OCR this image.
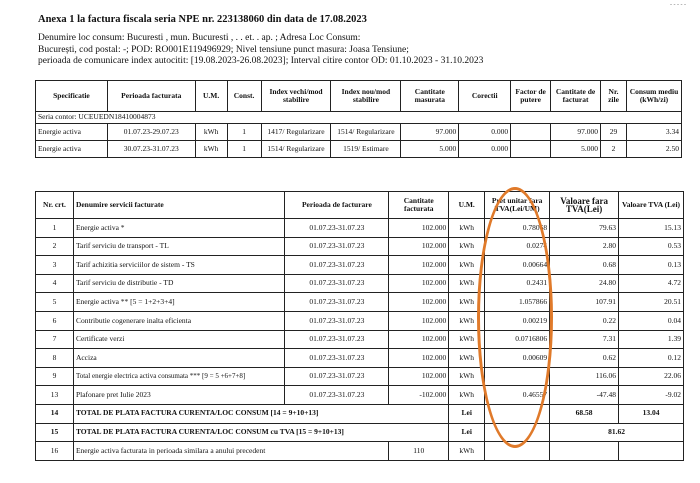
- - - - -
Anexa 1 la factura fiscala seria NPE nr. 223138060 din data de 17.08.2023
Denumire loc consum: Bucuresti , mun. Bucuresti , . . et. . ap. ; Adresa Loc Consum:
București, cod postal: -; POD: RO001E119496929; Nivel tensiune punct masura: Joasa Tensiune;
perioada de comunicare index autocitit: [19.08.2023-26.08.2023]; Interval citire contor OD: 01.10.2023 - 31.10.2023
Specificatie	Perioada facturata	U.M.	Const.	Index vechi/mod stabilire	Index nou/mod stabilire	Cantitate masurata	Corectii	Factor de putere	Cantitate de facturat	Nr. zile	Consum mediu (kWh/zi)
Seria contor: UCEUEDN18410004873											
Energie activa	01.07.23-29.07.23	kWh	1	1417/ Regularizare	1514/ Regularizare	97.000	0.000		97.000	29	3.34
Energie activa	30.07.23-31.07.23	kWh	1	1514/ Regularizare	1519/ Estimare	5.000	0.000		5.000	2	2.50
Nr. crt.	Denumire servicii facturate	Perioada de facturare	Cantitate facturata	U.M.	Pret unitar fara TVA(Lei/UM)	Valoare fara TVA(Lei)	Valoare TVA (Lei)
1	Energie activa *	01.07.23-31.07.23	102.000	kWh	0.78068	79.63	15.13
2	Tarif serviciu de transport - TL	01.07.23-31.07.23	102.000	kWh	0.0274	2.80	0.53
3	Tarif achizitia serviciilor de sistem - TS	01.07.23-31.07.23	102.000	kWh	0.00664	0.68	0.13
4	Tarif serviciu de distributie - TD	01.07.23-31.07.23	102.000	kWh	0.2431	24.80	4.72
5	Energie activa ** [5 = 1+2+3+4]	01.07.23-31.07.23	102.000	kWh	1.057866	107.91	20.51
6	Contributie cogenerare inalta eficienta	01.07.23-31.07.23	102.000	kWh	0.00219	0.22	0.04
7	Certificate verzi	01.07.23-31.07.23	102.000	kWh	0.0716806	7.31	1.39
8	Acciza	01.07.23-31.07.23	102.000	kWh	0.00609	0.62	0.12
9	Total energie electrica activa consumata *** [9 = 5 +6+7+8]	01.07.23-31.07.23	102.000	kWh		116.06	22.06
13	Plafonare pret Iulie 2023	01.07.23-31.07.23	-102.000	kWh	0.46557	-47.48	-9.02
14	TOTAL DE PLATA FACTURA CURENTA/LOC CONSUM [14 = 9+10+13]			Lei		68.58	13.04
15	TOTAL DE PLATA FACTURA CURENTA/LOC CONSUM cu TVA [15 = 9+10+13]			Lei		81.62	
16	Energie activa facturata in perioada similara a anului precedent		110	kWh			
